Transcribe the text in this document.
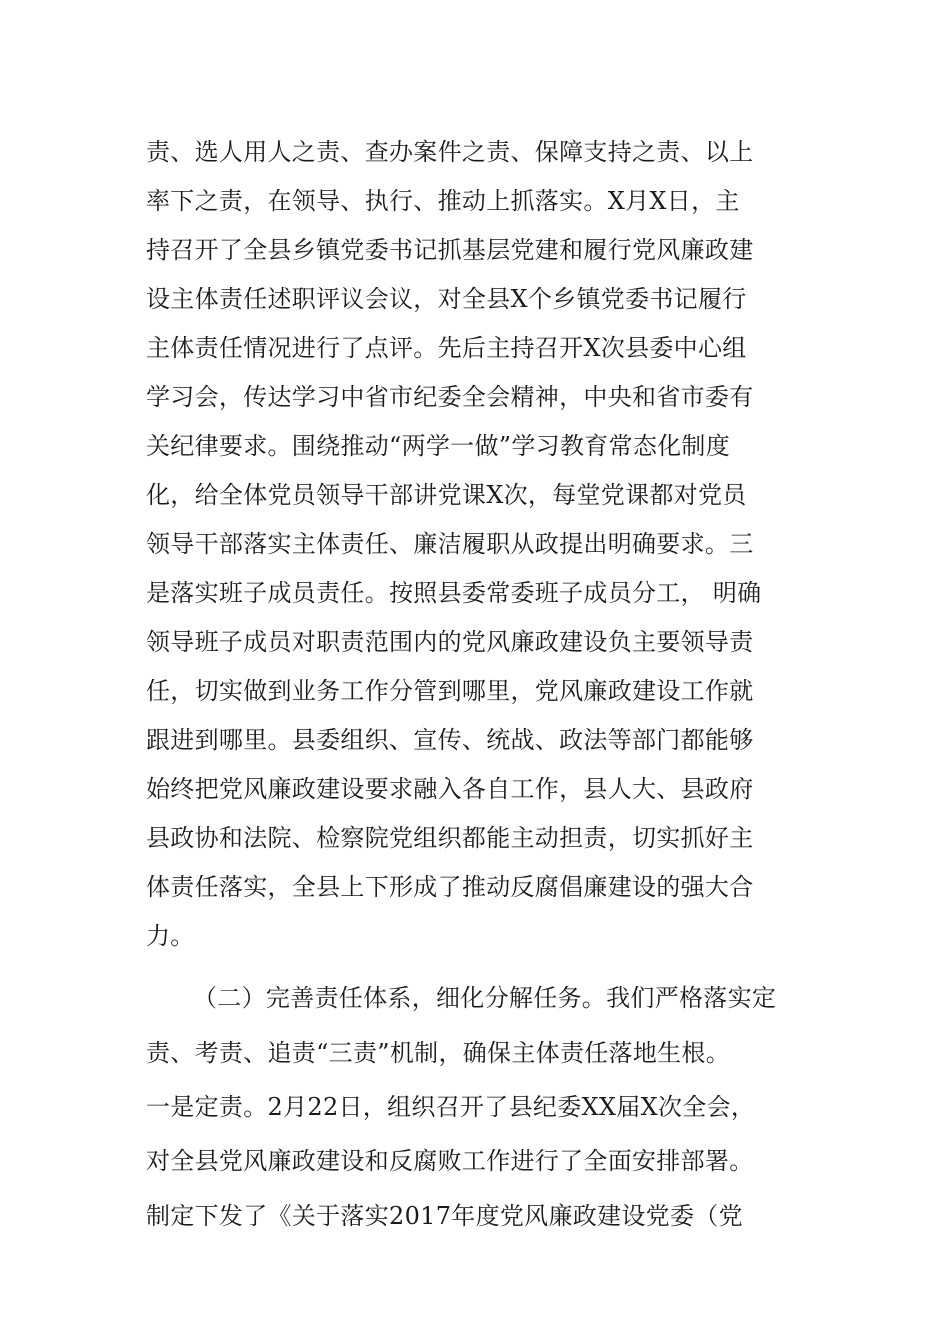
责、选人用人之责、查办案件之责、保障支持之责、以上
率下之责，在领导、执行、推动上抓落实。X月X日，主
持召开了全县乡镇党委书记抓基层党建和履行党风廉政建
设主体责任述职评议会议，对全县X个乡镇党委书记履行
主体责任情况进行了点评。先后主持召开X次县委中心组
学习会，传达学习中省市纪委全会精神，中央和省市委有
关纪律要求。围绕推动“两学一做”学习教育常态化制度
化，给全体党员领导干部讲党课X次，每堂党课都对党员
领导干部落实主体责任、廉洁履职从政提出明确要求。三
是落实班子成员责任。按照县委常委班子成员分工， 明确
领导班子成员对职责范围内的党风廉政建设负主要领导责
任，切实做到业务工作分管到哪里，党风廉政建设工作就
跟进到哪里。县委组织、宣传、统战、政法等部门都能够
始终把党风廉政建设要求融入各自工作，县人大、县政府
县政协和法院、检察院党组织都能主动担责，切实抓好主
体责任落实，全县上下形成了推动反腐倡廉建设的强大合
力。
（二）完善责任体系，细化分解任务。我们严格落实定
责、考责、追责“三责”机制，确保主体责任落地生根。
一是定责。2月22日，组织召开了县纪委XX届X次全会，
对全县党风廉政建设和反腐败工作进行了全面安排部署。
制定下发了《关于落实2017年度党风廉政建设党委（党
